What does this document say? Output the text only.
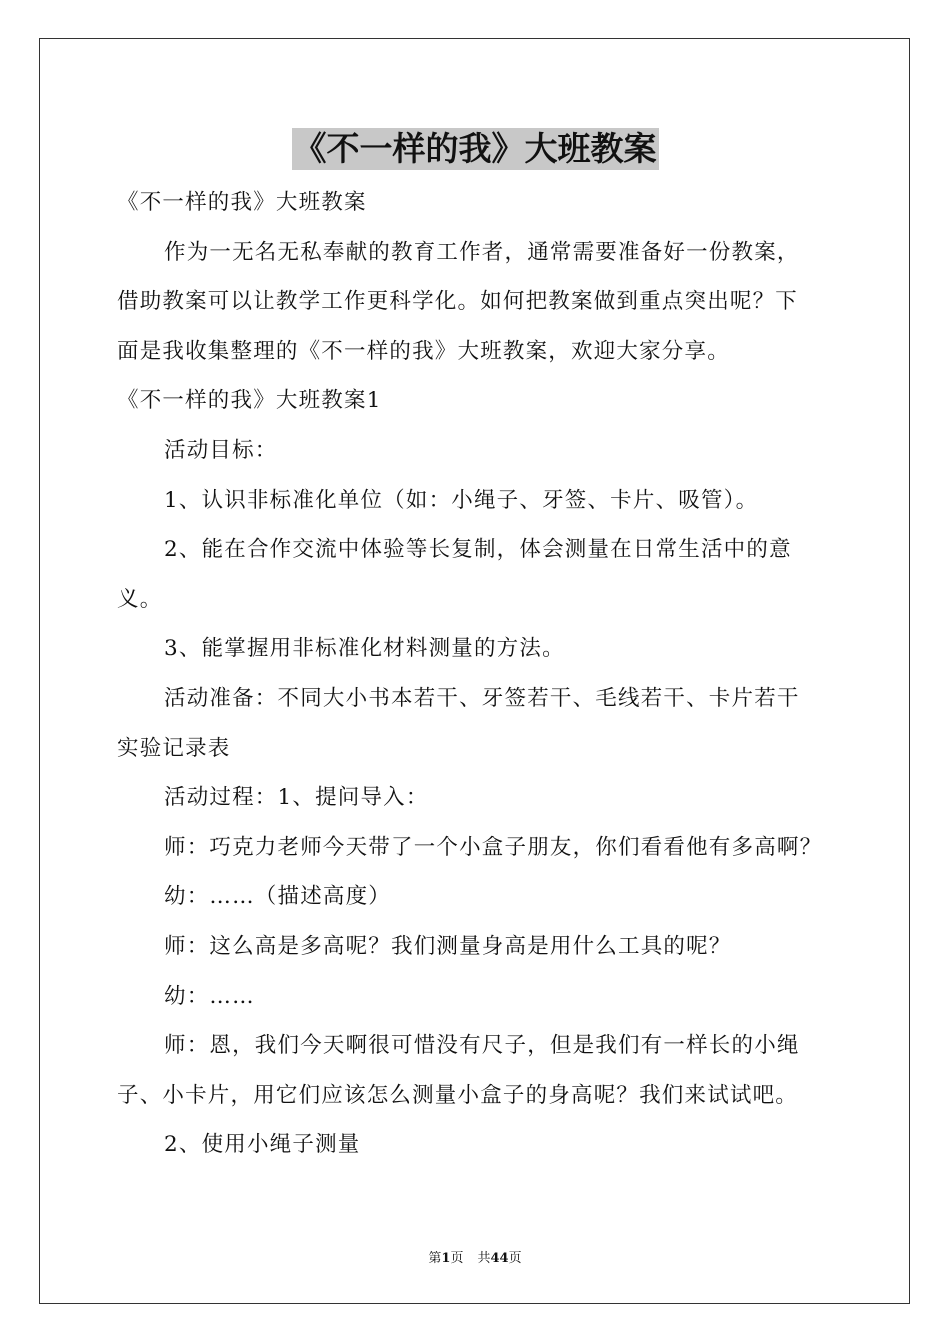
《不一样的我》大班教案

《不一样的我》大班教案

作为一无名无私奉献的教育工作者，通常需要准备好一份教案，

借助教案可以让教学工作更科学化。如何把教案做到重点突出呢？下

面是我收集整理的《不一样的我》大班教案，欢迎大家分享。

《不一样的我》大班教案1

活动目标：

1、认识非标准化单位（如：小绳子、牙签、卡片、吸管）。

2、能在合作交流中体验等长复制，体会测量在日常生活中的意

义。

3、能掌握用非标准化材料测量的方法。

活动准备：不同大小书本若干、牙签若干、毛线若干、卡片若干

实验记录表

活动过程：1、提问导入：

师：巧克力老师今天带了一个小盒子朋友，你们看看他有多高啊？

幼：……（描述高度）

师：这么高是多高呢？我们测量身高是用什么工具的呢？

幼：……

师：恩，我们今天啊很可惜没有尺子，但是我们有一样长的小绳

子、小卡片，用它们应该怎么测量小盒子的身高呢？我们来试试吧。

2、使用小绳子测量

第1页 共44页
